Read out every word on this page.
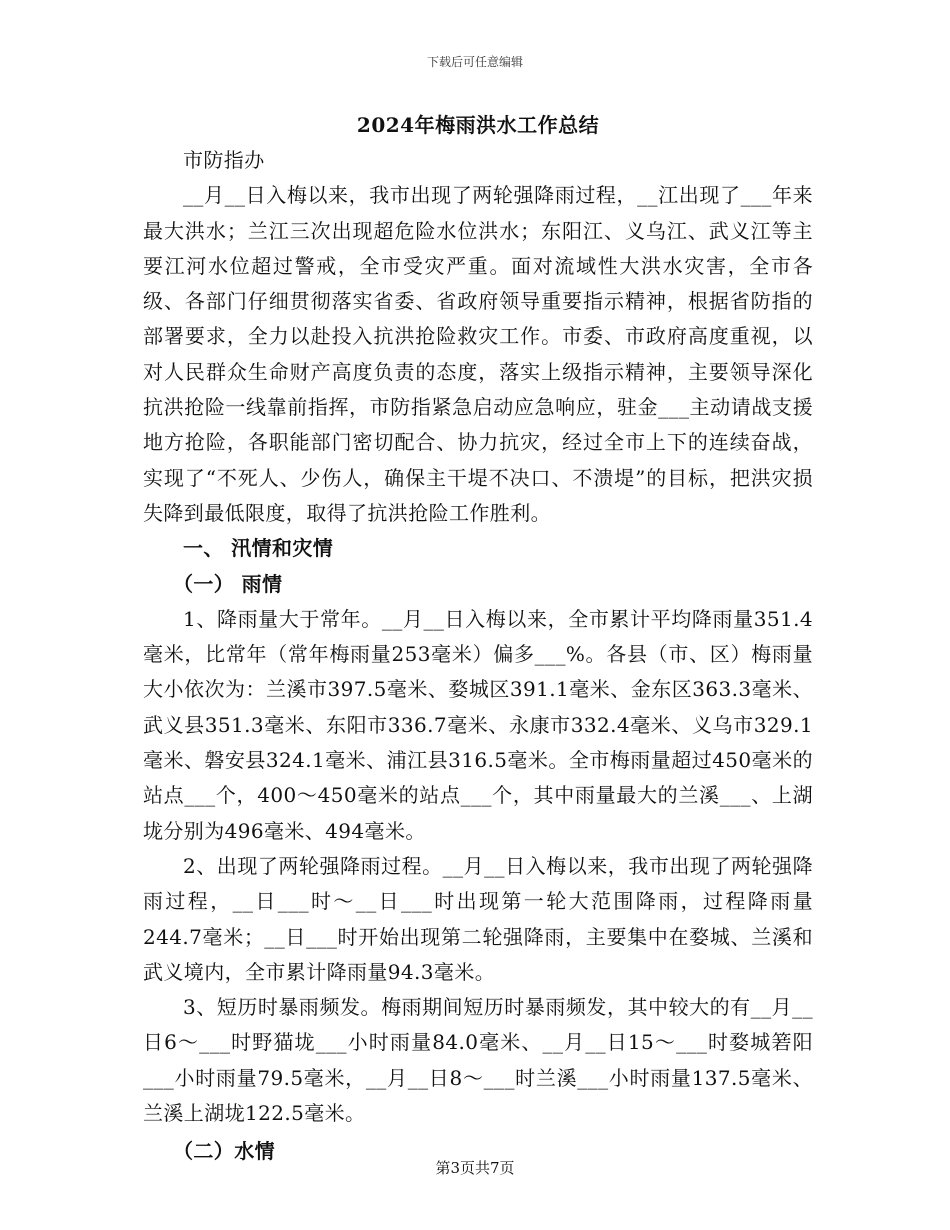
下载后可任意编辑
2024年梅雨洪水工作总结

市防指办

__月__日入梅以来，我市出现了两轮强降雨过程，__江出现了___年来最大洪水；兰江三次出现超危险水位洪水；东阳江、义乌江、武义江等主要江河水位超过警戒，全市受灾严重。面对流域性大洪水灾害，全市各级、各部门仔细贯彻落实省委、省政府领导重要指示精神，根据省防指的部署要求，全力以赴投入抗洪抢险救灾工作。市委、市政府高度重视，以对人民群众生命财产高度负责的态度，落实上级指示精神，主要领导深化抗洪抢险一线靠前指挥，市防指紧急启动应急响应，驻金___主动请战支援地方抢险，各职能部门密切配合、协力抗灾，经过全市上下的连续奋战，实现了“不死人、少伤人，确保主干堤不决口、不溃堤”的目标，把洪灾损失降到最低限度，取得了抗洪抢险工作胜利。

一、 汛情和灾情

（一） 雨情

1、降雨量大于常年。__月__日入梅以来，全市累计平均降雨量351.4毫米，比常年（常年梅雨量253毫米）偏多___%。各县（市、区）梅雨量大小依次为：兰溪市397.5毫米、婺城区391.1毫米、金东区363.3毫米、武义县351.3毫米、东阳市336.7毫米、永康市332.4毫米、义乌市329.1毫米、磐安县324.1毫米、浦江县316.5毫米。全市梅雨量超过450毫米的站点___个，400～450毫米的站点___个，其中雨量最大的兰溪___、上湖垅分别为496毫米、494毫米。

2、出现了两轮强降雨过程。__月__日入梅以来，我市出现了两轮强降雨过程，__日___时～__日___时出现第一轮大范围降雨，过程降雨量244.7毫米；__日___时开始出现第二轮强降雨，主要集中在婺城、兰溪和武义境内，全市累计降雨量94.3毫米。

3、短历时暴雨频发。梅雨期间短历时暴雨频发，其中较大的有__月__日6～___时野猫垅___小时雨量84.0毫米、__月__日15～___时婺城箬阳___小时雨量79.5毫米，__月__日8～___时兰溪___小时雨量137.5毫米、兰溪上湖垅122.5毫米。

（二）水情

第3页共7页
